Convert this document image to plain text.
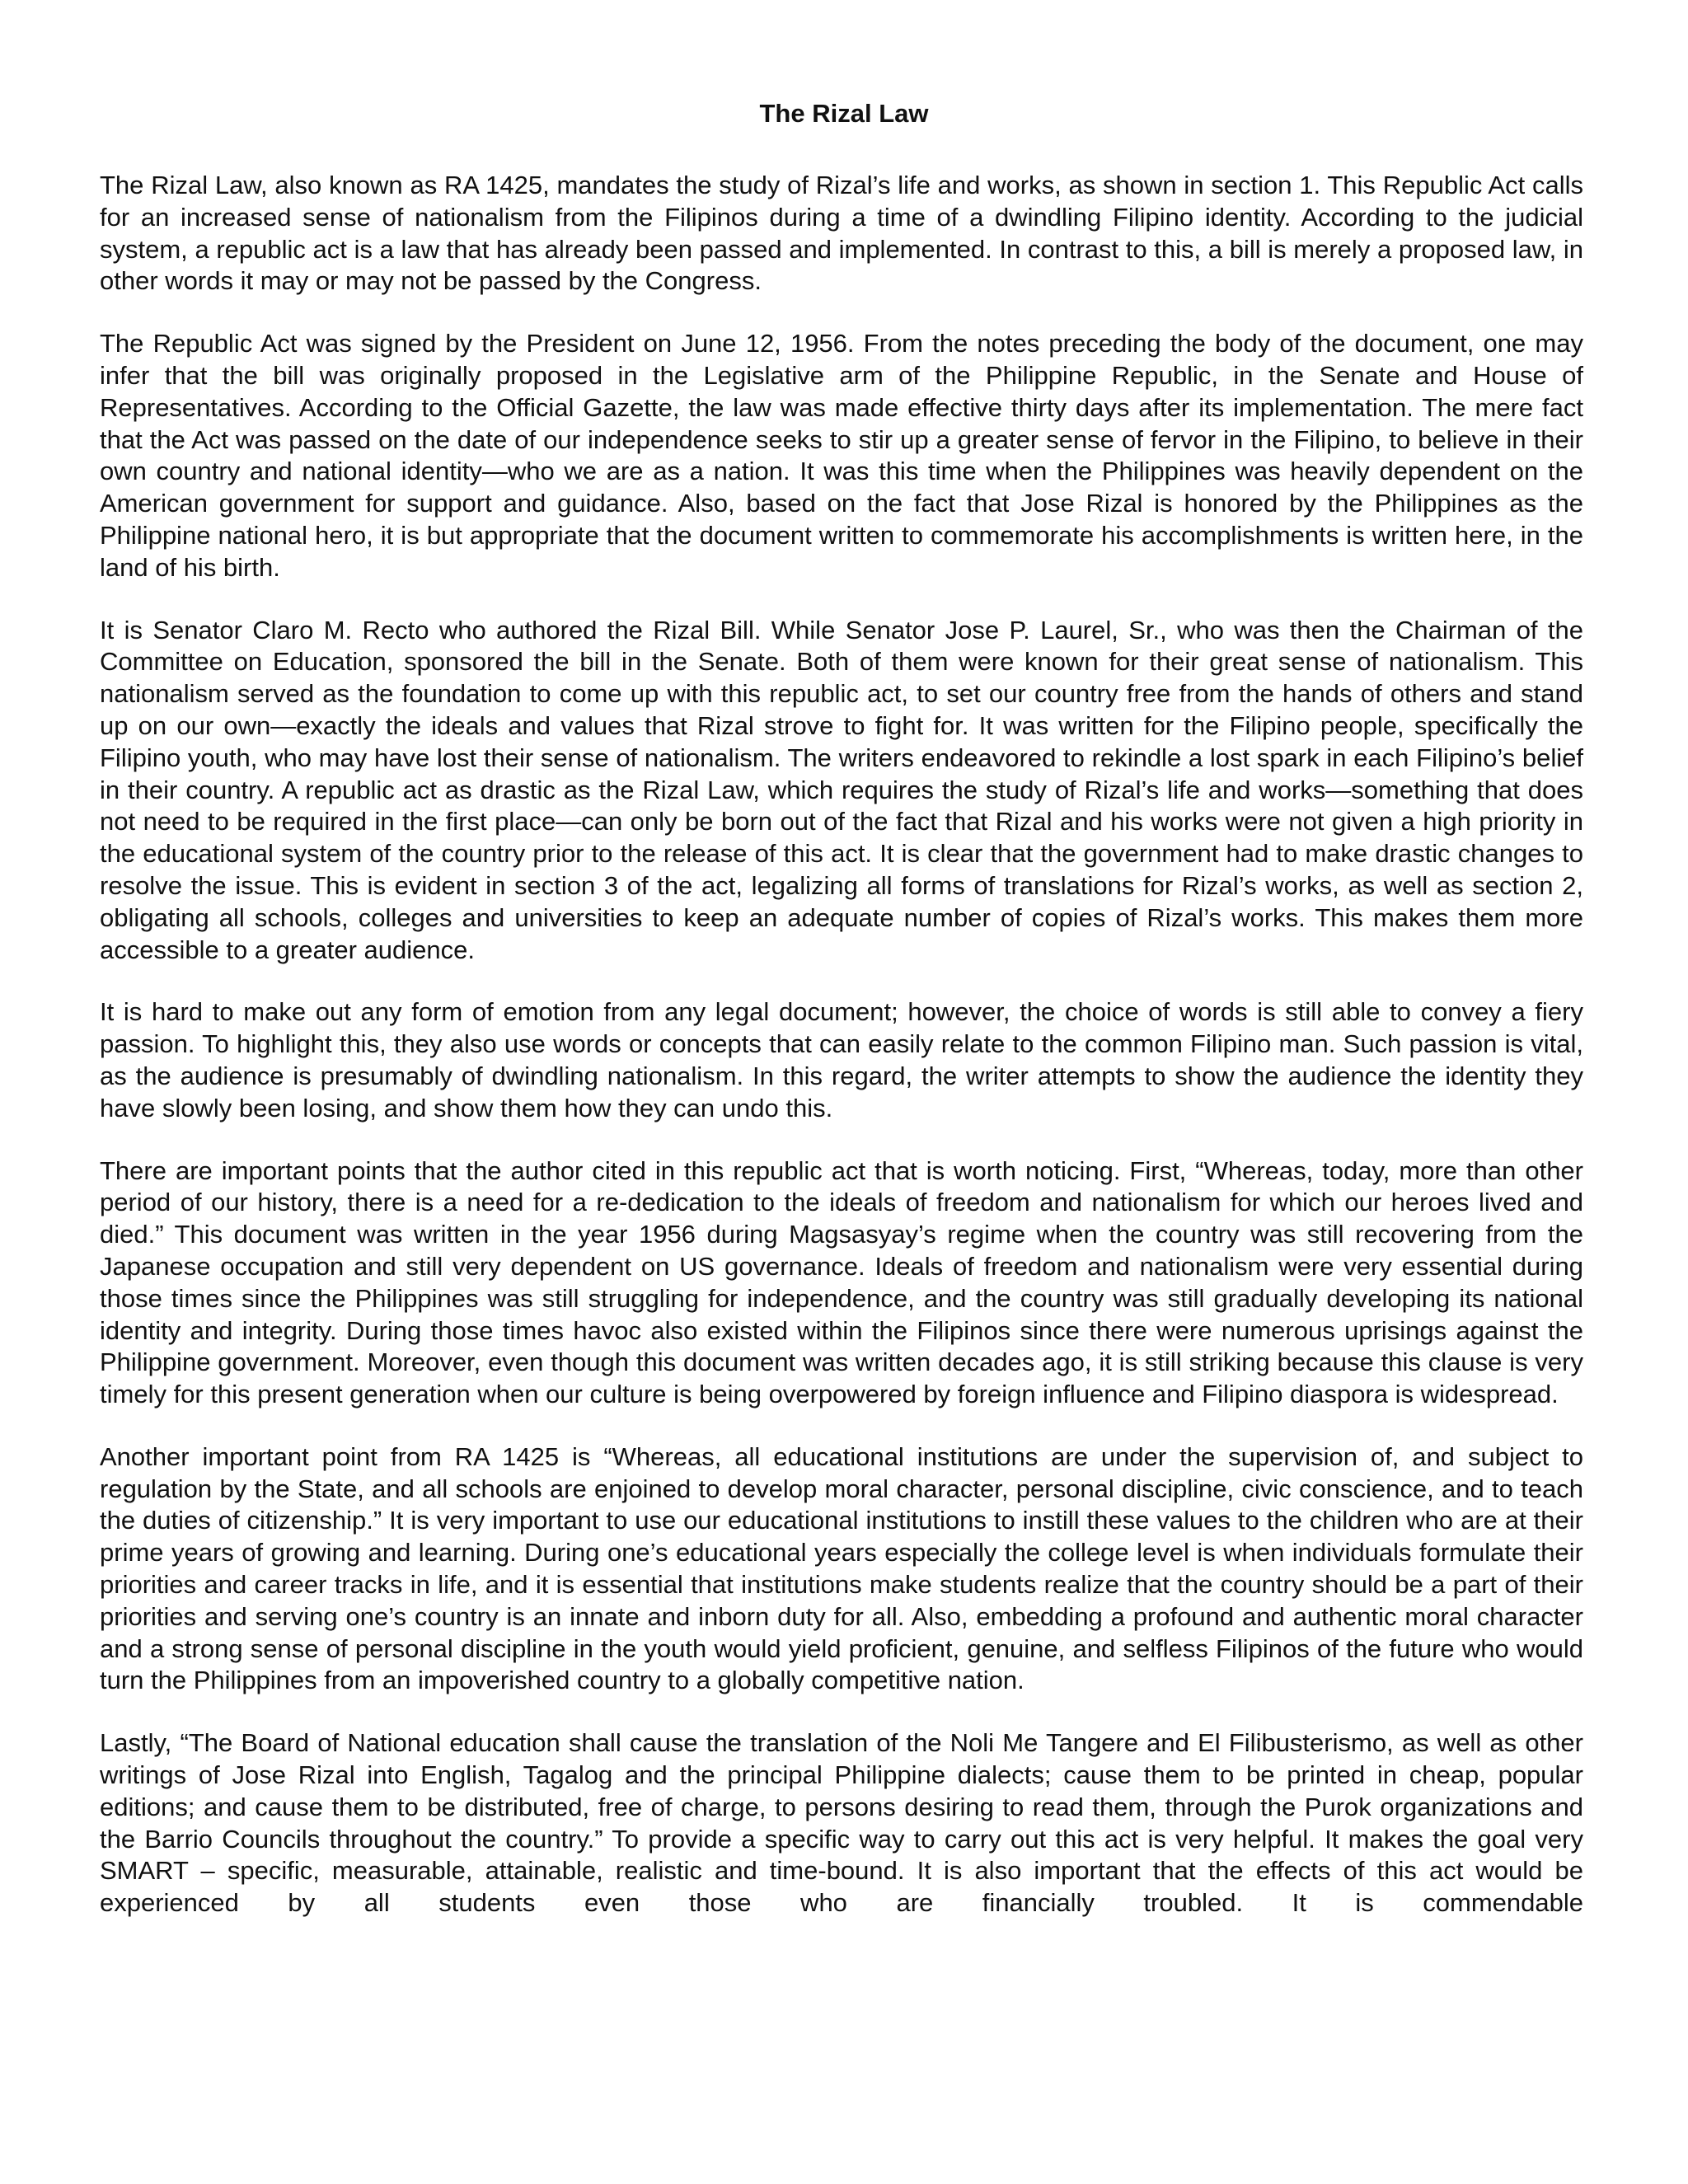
The Rizal Law

The Rizal Law, also known as RA 1425, mandates the study of Rizal’s life and works, as shown in section 1. This Republic Act calls for an increased sense of nationalism from the Filipinos during a time of a dwindling Filipino identity. According to the judicial system, a republic act is a law that has already been passed and implemented. In contrast to this, a bill is merely a proposed law, in other words it may or may not be passed by the Congress.

The Republic Act was signed by the President on June 12, 1956. From the notes preceding the body of the document, one may infer that the bill was originally proposed in the Legislative arm of the Philippine Republic, in the Senate and House of Representatives. According to the Official Gazette, the law was made effective thirty days after its implementation. The mere fact that the Act was passed on the date of our independence seeks to stir up a greater sense of fervor in the Filipino, to believe in their own country and national identity—who we are as a nation. It was this time when the Philippines was heavily dependent on the American government for support and guidance. Also, based on the fact that Jose Rizal is honored by the Philippines as the Philippine national hero, it is but appropriate that the document written to commemorate his accomplishments is written here, in the land of his birth.

It is Senator Claro M. Recto who authored the Rizal Bill. While Senator Jose P. Laurel, Sr., who was then the Chairman of the Committee on Education, sponsored the bill in the Senate. Both of them were known for their great sense of nationalism. This nationalism served as the foundation to come up with this republic act, to set our country free from the hands of others and stand up on our own—exactly the ideals and values that Rizal strove to fight for. It was written for the Filipino people, specifically the Filipino youth, who may have lost their sense of nationalism. The writers endeavored to rekindle a lost spark in each Filipino’s belief in their country. A republic act as drastic as the Rizal Law, which requires the study of Rizal’s life and works—something that does not need to be required in the first place—can only be born out of the fact that Rizal and his works were not given a high priority in the educational system of the country prior to the release of this act. It is clear that the government had to make drastic changes to resolve the issue. This is evident in section 3 of the act, legalizing all forms of translations for Rizal’s works, as well as section 2, obligating all schools, colleges and universities to keep an adequate number of copies of Rizal’s works. This makes them more accessible to a greater audience.

It is hard to make out any form of emotion from any legal document; however, the choice of words is still able to convey a fiery passion. To highlight this, they also use words or concepts that can easily relate to the common Filipino man. Such passion is vital, as the audience is presumably of dwindling nationalism. In this regard, the writer attempts to show the audience the identity they have slowly been losing, and show them how they can undo this.

There are important points that the author cited in this republic act that is worth noticing. First, “Whereas, today, more than other period of our history, there is a need for a re-dedication to the ideals of freedom and nationalism for which our heroes lived and died.” This document was written in the year 1956 during Magsasyay’s regime when the country was still recovering from the Japanese occupation and still very dependent on US governance. Ideals of freedom and nationalism were very essential during those times since the Philippines was still struggling for independence, and the country was still gradually developing its national identity and integrity. During those times havoc also existed within the Filipinos since there were numerous uprisings against the Philippine government. Moreover, even though this document was written decades ago, it is still striking because this clause is very timely for this present generation when our culture is being overpowered by foreign influence and Filipino diaspora is widespread.

Another important point from RA 1425 is “Whereas, all educational institutions are under the supervision of, and subject to regulation by the State, and all schools are enjoined to develop moral character, personal discipline, civic conscience, and to teach the duties of citizenship.” It is very important to use our educational institutions to instill these values to the children who are at their prime years of growing and learning. During one’s educational years especially the college level is when individuals formulate their priorities and career tracks in life, and it is essential that institutions make students realize that the country should be a part of their priorities and serving one’s country is an innate and inborn duty for all. Also, embedding a profound and authentic moral character and a strong sense of personal discipline in the youth would yield proficient, genuine, and selfless Filipinos of the future who would turn the Philippines from an impoverished country to a globally competitive nation.

Lastly, “The Board of National education shall cause the translation of the Noli Me Tangere and El Filibusterismo, as well as other writings of Jose Rizal into English, Tagalog and the principal Philippine dialects; cause them to be printed in cheap, popular editions; and cause them to be distributed, free of charge, to persons desiring to read them, through the Purok organizations and the Barrio Councils throughout the country.” To provide a specific way to carry out this act is very helpful. It makes the goal very SMART – specific, measurable, attainable, realistic and time-bound. It is also important that the effects of this act would be experienced by all students even those who are financially troubled. It is commendable
